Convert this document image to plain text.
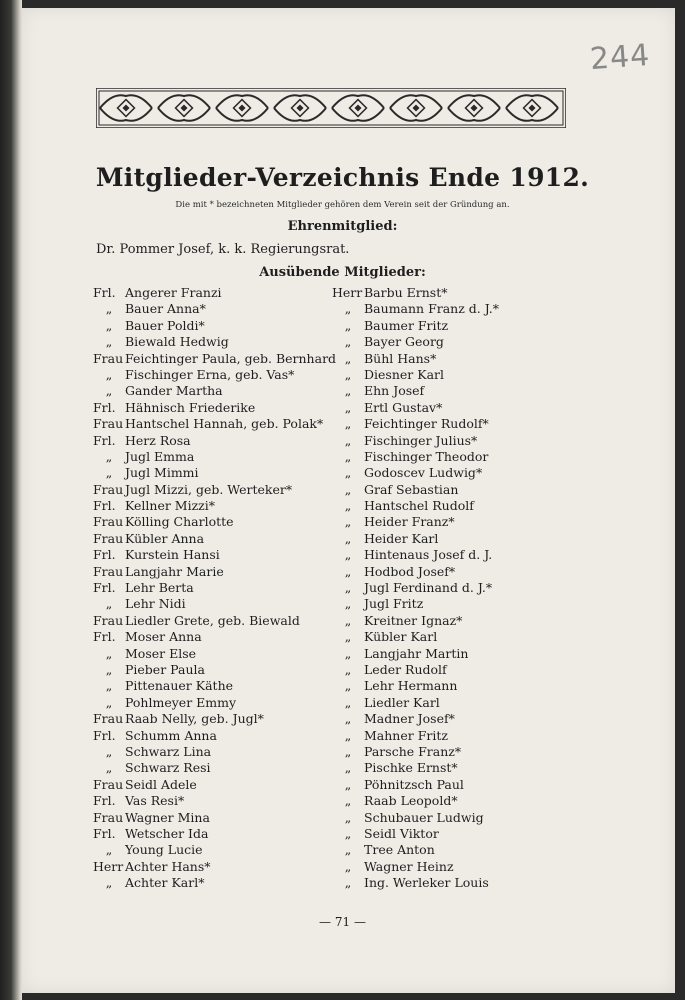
244
Mitglieder-Verzeichnis Ende 1912.
Die mit * bezeichneten Mitglieder gehören dem Verein seit der Gründung an.
Ehrenmitglied:
Dr. Pommer Josef, k. k. Regierungsrat.
Ausübende Mitglieder:
Frl. Angerer Franzi
„	Bauer Anna*
„	Bauer Poldi*
„	Biewald Hedwig
Frau Feichtinger Paula, geb. Bernhard
„	Fischinger Erna, geb. Vas*
„	Gander Martha
Frl. Hähnisch Friederike
Frau Hantschel Hannah, geb. Polak*
Frl. Herz Rosa
„	Jugl Emma
„	Jugl Mimmi
Frau Jugl Mizzi, geb. Werteker*
Frl. Kellner Mizzi*
Frau Kölling Charlotte
Frau Kübler Anna
Frl. Kurstein Hansi
Frau Langjahr Marie
Frl. Lehr Berta
„	Lehr Nidi
Frau Liedler Grete, geb. Biewald
Frl. Moser Anna
„	Moser Else
„	Pieber Paula
„	Pittenauer Käthe
„	Pohlmeyer Emmy
Frau Raab Nelly, geb. Jugl*
Frl. Schumm Anna
„	Schwarz Lina
„	Schwarz Resi
Frau Seidl Adele
Frl. Vas Resi*
Frau Wagner Mina
Frl. Wetscher Ida
„	Young Lucie
Herr Achter Hans*
„	Achter Karl*
Herr Barbu Ernst*
„	Baumann Franz d. J.*
„	Baumer Fritz
„	Bayer Georg
„	Bühl Hans*
„	Diesner Karl
„	Ehn Josef
„	Ertl Gustav*
„	Feichtinger Rudolf*
„	Fischinger Julius*
„	Fischinger Theodor
„	Godoscev Ludwig*
„	Graf Sebastian
„	Hantschel Rudolf
„	Heider Franz*
„	Heider Karl
„	Hintenaus Josef d. J.
„	Hodbod Josef*
„	Jugl Ferdinand d. J.*
„	Jugl Fritz
„	Kreitner Ignaz*
„	Kübler Karl
„	Langjahr Martin
„	Leder Rudolf
„	Lehr Hermann
„	Liedler Karl
„	Madner Josef*
„	Mahner Fritz
„	Parsche Franz*
„	Pischke Ernst*
„	Pöhnitzsch Paul
„	Raab Leopold*
„	Schubauer Ludwig
„	Seidl Viktor
„	Tree Anton
„	Wagner Heinz
„	Ing. Werleker Louis
— 71 —
